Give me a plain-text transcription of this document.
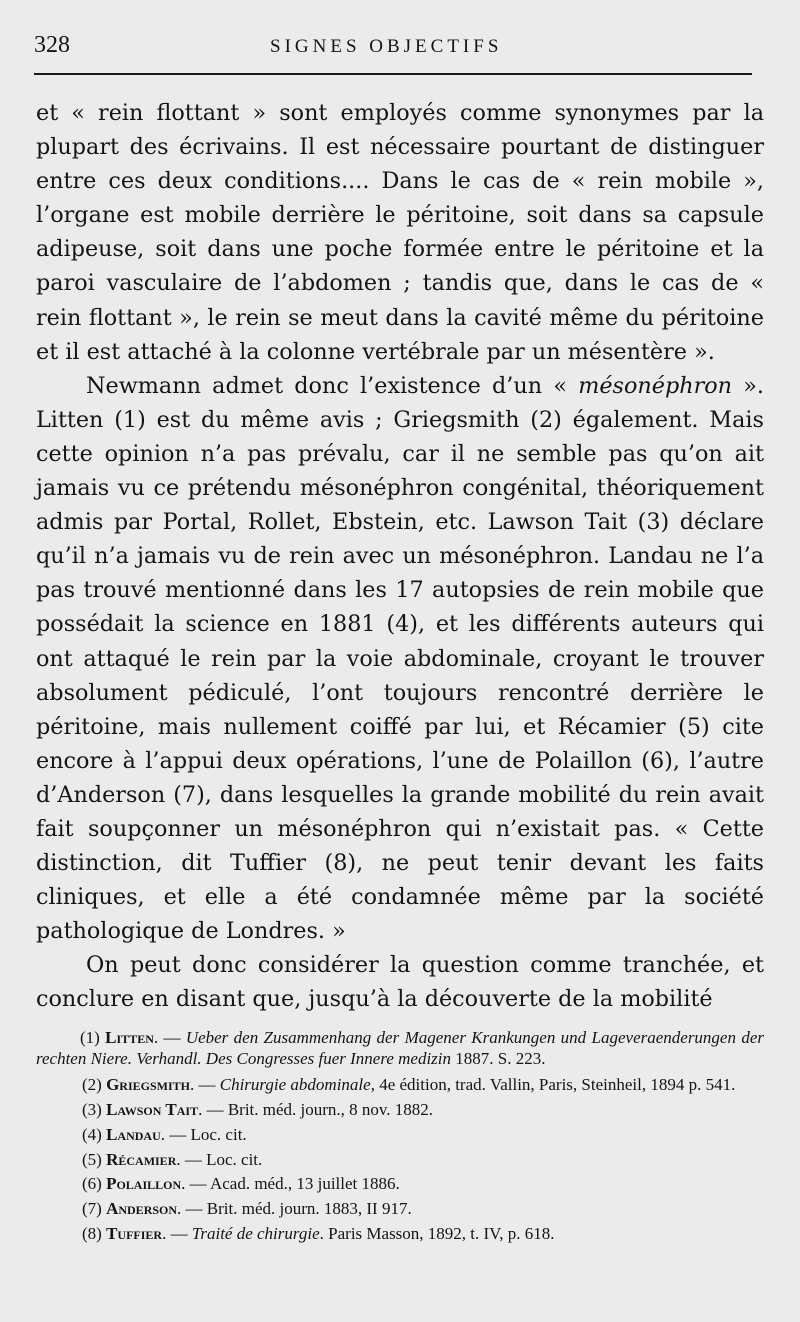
328	SIGNES OBJECTIFS

et « rein flottant » sont employés comme synonymes par la plupart des écrivains. Il est nécessaire pourtant de distinguer entre ces deux conditions.... Dans le cas de « rein mobile », l’organe est mobile derrière le péritoine, soit dans sa capsule adipeuse, soit dans une poche formée entre le péritoine et la paroi vasculaire de l’abdomen ; tandis que, dans le cas de « rein flottant », le rein se meut dans la cavité même du péritoine et il est attaché à la colonne vertébrale par un mésentère ».

Newmann admet donc l’existence d’un « mésonéphron ». Litten (1) est du même avis ; Griegsmith (2) également. Mais cette opinion n’a pas prévalu, car il ne semble pas qu’on ait jamais vu ce prétendu mésonéphron congénital, théoriquement admis par Portal, Rollet, Ebstein, etc. Lawson Tait (3) déclare qu’il n’a jamais vu de rein avec un mésonéphron. Landau ne l’a pas trouvé mentionné dans les 17 autopsies de rein mobile que possédait la science en 1881 (4), et les différents auteurs qui ont attaqué le rein par la voie abdominale, croyant le trouver absolument pédiculé, l’ont toujours rencontré derrière le péritoine, mais nullement coiffé par lui, et Récamier (5) cite encore à l’appui deux opérations, l’une de Polaillon (6), l’autre d’Anderson (7), dans lesquelles la grande mobilité du rein avait fait soupçonner un mésonéphron qui n’existait pas. « Cette distinction, dit Tuffier (8), ne peut tenir devant les faits cliniques, et elle a été condamnée même par la société pathologique de Londres. »

On peut donc considérer la question comme tranchée, et conclure en disant que, jusqu’à la découverte de la mobilité

(1) Litten. — Ueber den Zusammenhang der Magener Krankungen und Lageveraenderungen der rechten Niere. Verhandl. Des Congresses fuer Innere medizin 1887. S. 223.

(2) Griegsmith. — Chirurgie abdominale, 4e édition, trad. Vallin, Paris, Steinheil, 1894 p. 541.

(3) Lawson Tait. — Brit. méd. journ., 8 nov. 1882.

(4) Landau. — Loc. cit.

(5) Récamier. — Loc. cit.

(6) Polaillon. — Acad. méd., 13 juillet 1886.

(7) Anderson. — Brit. méd. journ. 1883, II 917.

(8) Tuffier. — Traité de chirurgie. Paris Masson, 1892, t. IV, p. 618.
